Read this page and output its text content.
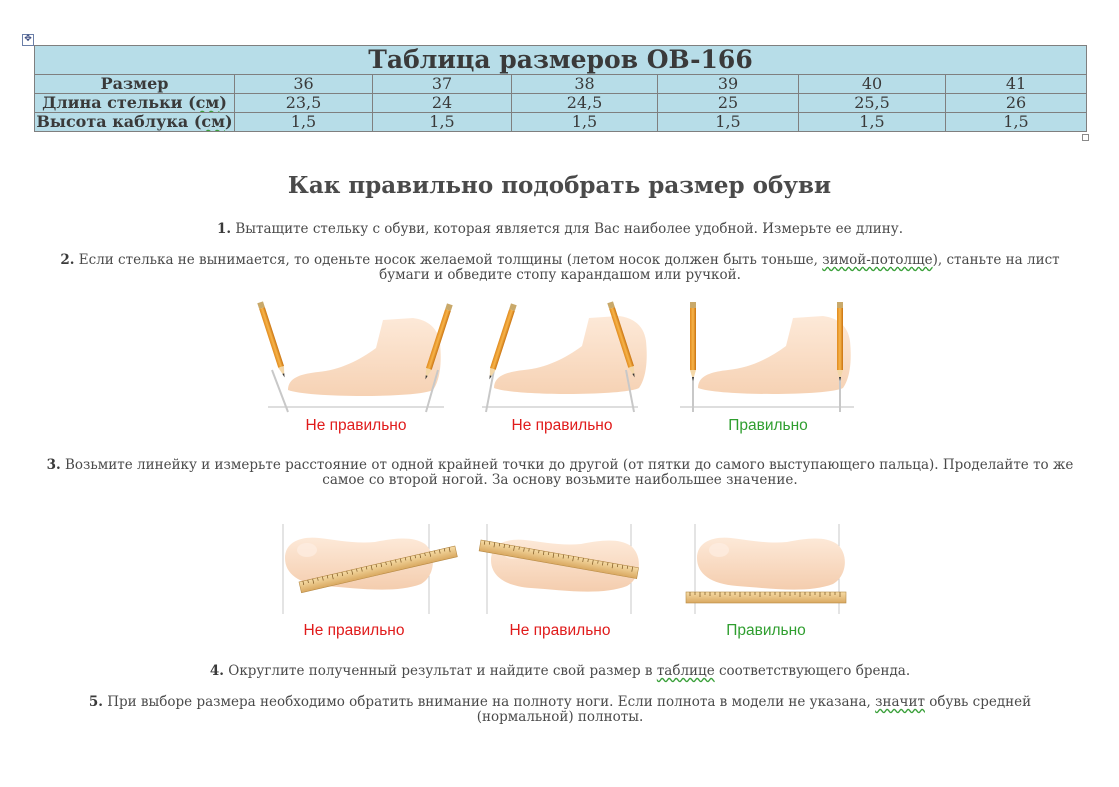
✥
Таблица размеров OB-166						
Размер	36	37	38	39	40	41
Длина стельки (см)	23,5	24	24,5	25	25,5	26
Высота каблука (см)	1,5	1,5	1,5	1,5	1,5	1,5
Как правильно подобрать размер обуви

1. Вытащите стельку с обуви, которая является для Вас наиболее удобной. Измерьте ее длину.

2. Если стелька не вынимается, то оденьте носок желаемой толщины (летом носок должен быть тоньше, зимой-потолще), станьте на лист бумаги и обведите стопу карандашом или ручкой.

Не правильно	Не правильно	Правильно

3. Возьмите линейку и измерьте расстояние от одной крайней точки до другой (от пятки до самого выступающего пальца). Проделайте то же самое со второй ногой. За основу возьмите наибольшее значение.

Не правильно	Не правильно	Правильно

4. Округлите полученный результат и найдите свой размер в таблице соответствующего бренда.

5. При выборе размера необходимо обратить внимание на полноту ноги. Если полнота в модели не указана, значит обувь средней (нормальной) полноты.
